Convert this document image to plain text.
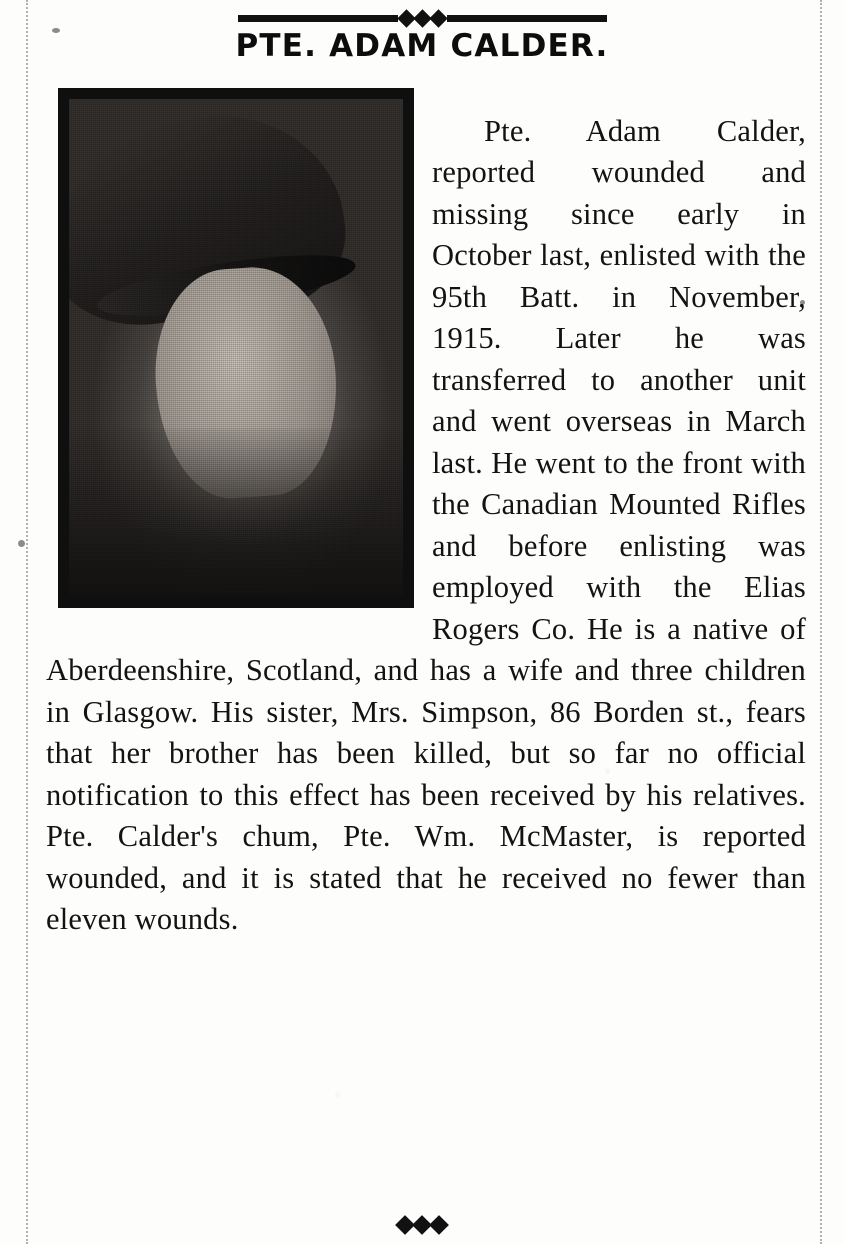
PTE. ADAM CALDER.

Pte. Adam Calder, reported wounded and missing since early in October last, enlisted with the 95th Batt. in November, 1915. Later he was transferred to another unit and went overseas in March last. He went to the front with the Canadian Mounted Rifles and before enlisting was employed with the Elias Rogers Co. He is a native of Aberdeenshire, Scotland, and has a wife and three children in Glasgow. His sister, Mrs. Simpson, 86 Borden st., fears that her brother has been killed, but so far no official notification to this effect has been received by his relatives. Pte. Calder's chum, Pte. Wm. McMaster, is reported wounded, and it is stated that he received no fewer than eleven wounds.
